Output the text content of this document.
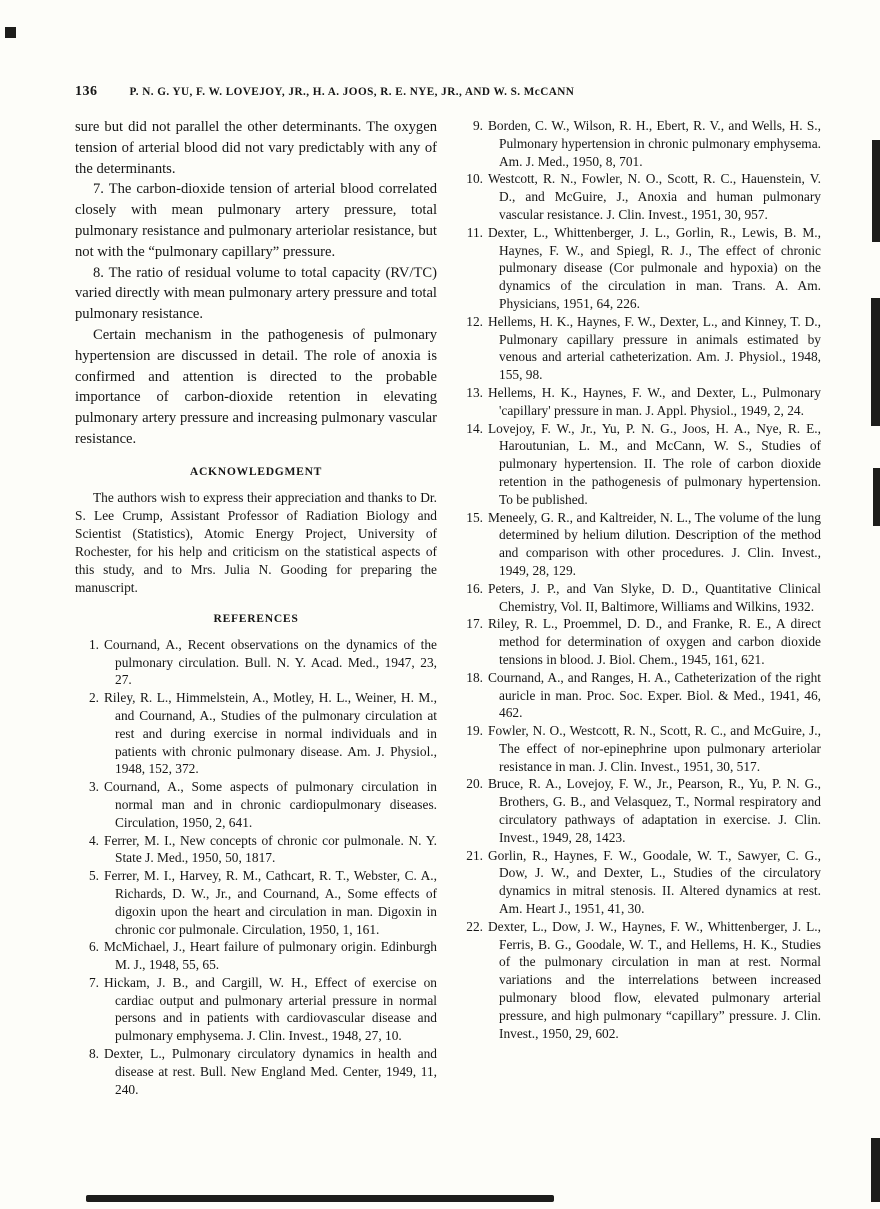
136	P. N. G. YU, F. W. LOVEJOY, JR., H. A. JOOS, R. E. NYE, JR., AND W. S. McCANN

sure but did not parallel the other determinants. The oxygen tension of arterial blood did not vary predictably with any of the determinants.

7. The carbon-dioxide tension of arterial blood correlated closely with mean pulmonary artery pressure, total pulmonary resistance and pulmonary arteriolar resistance, but not with the “pulmonary capillary” pressure.

8. The ratio of residual volume to total capacity (RV/TC) varied directly with mean pulmonary artery pressure and total pulmonary resistance.

Certain mechanism in the pathogenesis of pulmonary hypertension are discussed in detail. The role of anoxia is confirmed and attention is directed to the probable importance of carbon-dioxide retention in elevating pulmonary artery pressure and increasing pulmonary vascular resistance.

ACKNOWLEDGMENT

The authors wish to express their appreciation and thanks to Dr. S. Lee Crump, Assistant Professor of Radiation Biology and Scientist (Statistics), Atomic Energy Project, University of Rochester, for his help and criticism on the statistical aspects of this study, and to Mrs. Julia N. Gooding for preparing the manuscript.

REFERENCES
1. Cournand, A., Recent observations on the dynamics of the pulmonary circulation. Bull. N. Y. Acad. Med., 1947, 23, 27.
2. Riley, R. L., Himmelstein, A., Motley, H. L., Weiner, H. M., and Cournand, A., Studies of the pulmonary circulation at rest and during exercise in normal individuals and in patients with chronic pulmonary disease. Am. J. Physiol., 1948, 152, 372.
3. Cournand, A., Some aspects of pulmonary circulation in normal man and in chronic cardiopulmonary diseases. Circulation, 1950, 2, 641.
4. Ferrer, M. I., New concepts of chronic cor pulmonale. N. Y. State J. Med., 1950, 50, 1817.
5. Ferrer, M. I., Harvey, R. M., Cathcart, R. T., Webster, C. A., Richards, D. W., Jr., and Cournand, A., Some effects of digoxin upon the heart and circulation in man. Digoxin in chronic cor pulmonale. Circulation, 1950, 1, 161.
6. McMichael, J., Heart failure of pulmonary origin. Edinburgh M. J., 1948, 55, 65.
7. Hickam, J. B., and Cargill, W. H., Effect of exercise on cardiac output and pulmonary arterial pressure in normal persons and in patients with cardiovascular disease and pulmonary emphysema. J. Clin. Invest., 1948, 27, 10.
8. Dexter, L., Pulmonary circulatory dynamics in health and disease at rest. Bull. New England Med. Center, 1949, 11, 240.
9. Borden, C. W., Wilson, R. H., Ebert, R. V., and Wells, H. S., Pulmonary hypertension in chronic pulmonary emphysema. Am. J. Med., 1950, 8, 701.
10. Westcott, R. N., Fowler, N. O., Scott, R. C., Hauenstein, V. D., and McGuire, J., Anoxia and human pulmonary vascular resistance. J. Clin. Invest., 1951, 30, 957.
11. Dexter, L., Whittenberger, J. L., Gorlin, R., Lewis, B. M., Haynes, F. W., and Spiegl, R. J., The effect of chronic pulmonary disease (Cor pulmonale and hypoxia) on the dynamics of the circulation in man. Trans. A. Am. Physicians, 1951, 64, 226.
12. Hellems, H. K., Haynes, F. W., Dexter, L., and Kinney, T. D., Pulmonary capillary pressure in animals estimated by venous and arterial catheterization. Am. J. Physiol., 1948, 155, 98.
13. Hellems, H. K., Haynes, F. W., and Dexter, L., Pulmonary 'capillary' pressure in man. J. Appl. Physiol., 1949, 2, 24.
14. Lovejoy, F. W., Jr., Yu, P. N. G., Joos, H. A., Nye, R. E., Haroutunian, L. M., and McCann, W. S., Studies of pulmonary hypertension. II. The role of carbon dioxide retention in the pathogenesis of pulmonary hypertension. To be published.
15. Meneely, G. R., and Kaltreider, N. L., The volume of the lung determined by helium dilution. Description of the method and comparison with other procedures. J. Clin. Invest., 1949, 28, 129.
16. Peters, J. P., and Van Slyke, D. D., Quantitative Clinical Chemistry, Vol. II, Baltimore, Williams and Wilkins, 1932.
17. Riley, R. L., Proemmel, D. D., and Franke, R. E., A direct method for determination of oxygen and carbon dioxide tensions in blood. J. Biol. Chem., 1945, 161, 621.
18. Cournand, A., and Ranges, H. A., Catheterization of the right auricle in man. Proc. Soc. Exper. Biol. & Med., 1941, 46, 462.
19. Fowler, N. O., Westcott, R. N., Scott, R. C., and McGuire, J., The effect of nor-epinephrine upon pulmonary arteriolar resistance in man. J. Clin. Invest., 1951, 30, 517.
20. Bruce, R. A., Lovejoy, F. W., Jr., Pearson, R., Yu, P. N. G., Brothers, G. B., and Velasquez, T., Normal respiratory and circulatory pathways of adaptation in exercise. J. Clin. Invest., 1949, 28, 1423.
21. Gorlin, R., Haynes, F. W., Goodale, W. T., Sawyer, C. G., Dow, J. W., and Dexter, L., Studies of the circulatory dynamics in mitral stenosis. II. Altered dynamics at rest. Am. Heart J., 1951, 41, 30.
22. Dexter, L., Dow, J. W., Haynes, F. W., Whittenberger, J. L., Ferris, B. G., Goodale, W. T., and Hellems, H. K., Studies of the pulmonary circulation in man at rest. Normal variations and the interrelations between increased pulmonary blood flow, elevated pulmonary arterial pressure, and high pulmonary “capillary” pressure. J. Clin. Invest., 1950, 29, 602.
